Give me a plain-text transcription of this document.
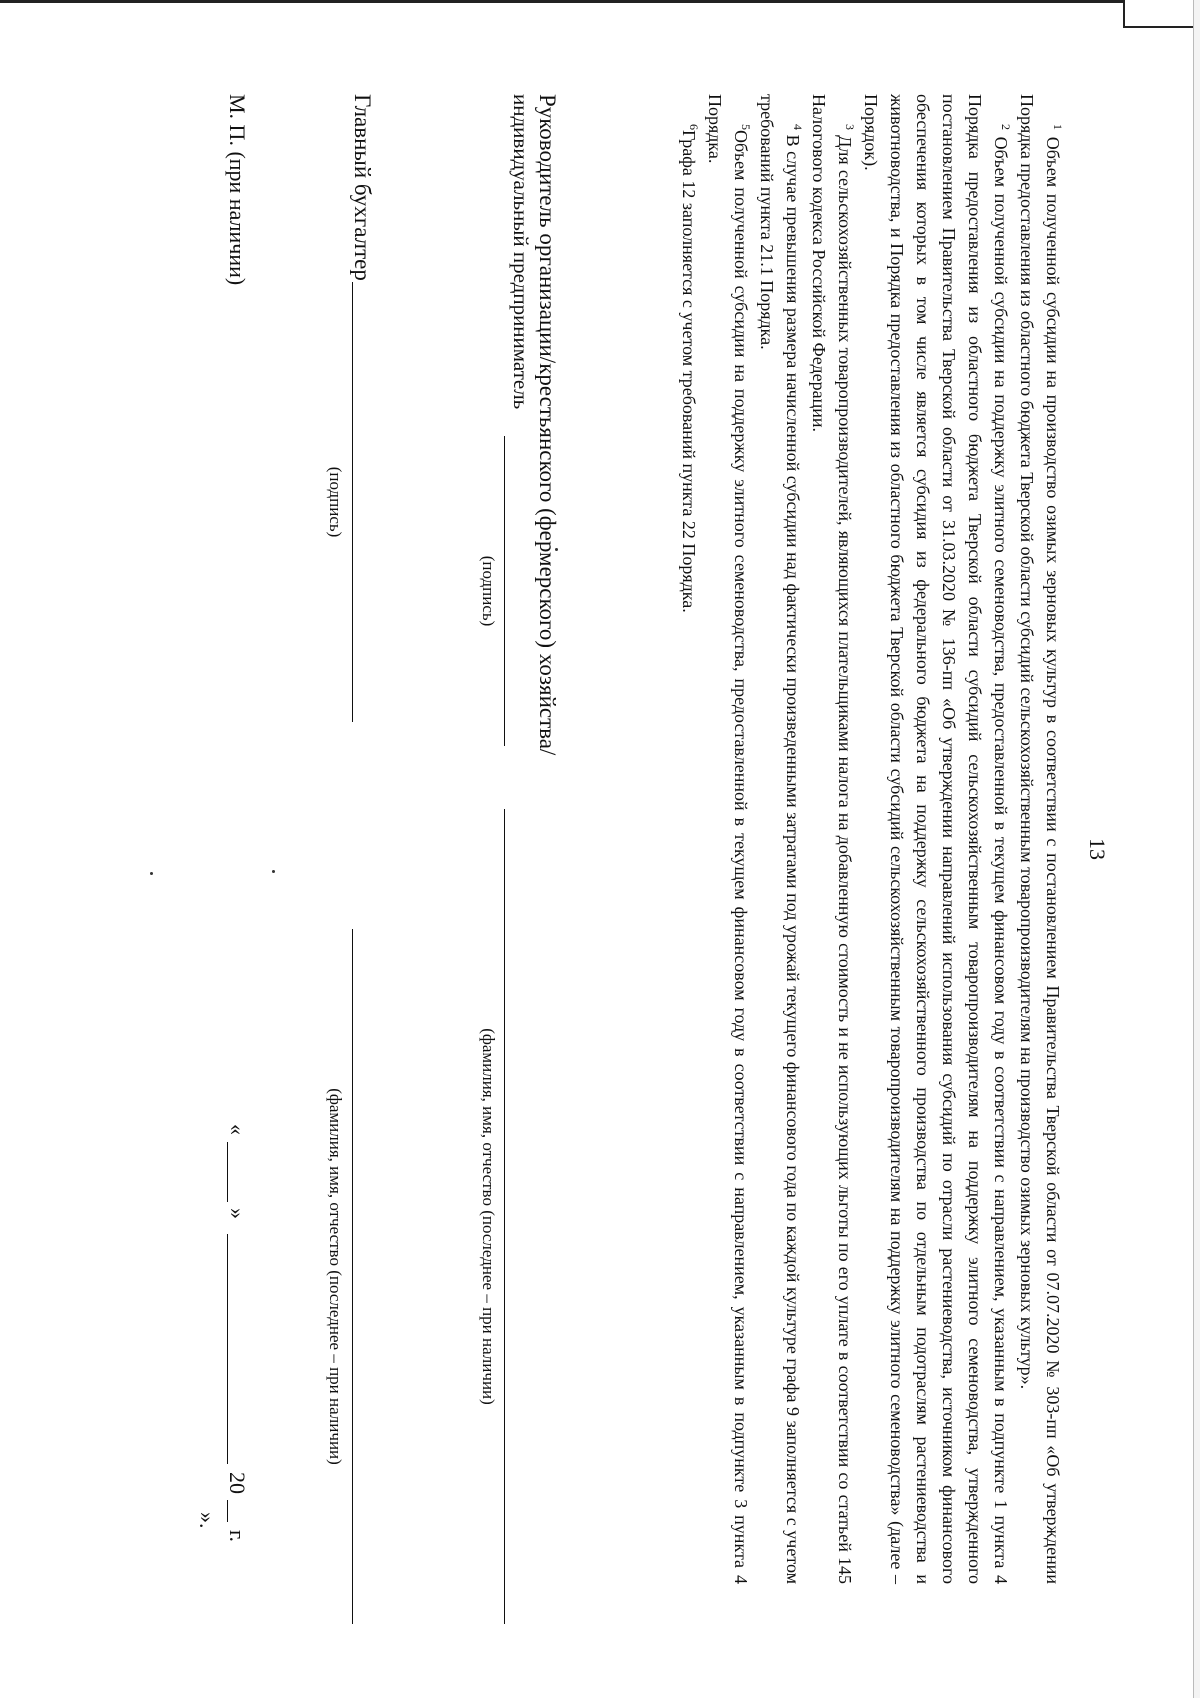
13

$^1$ Объем полученной субсидии на производство озимых зерновых культур в соответствии с постановлением Правительства Тверской области от 07.07.2020 № 303-пп «Об утверждении Порядка предоставления из областного бюджета Тверской области субсидий сельскохозяйственным товаропроизводителям на производство озимых зерновых культур».

$^2$ Объем полученной субсидии на поддержку элитного семеноводства, предоставленной в текущем финансовом году в соответствии с направлением, указанным в подпункте 1 пункта 4 Порядка предоставления из областного бюджета Тверской области субсидий сельскохозяйственным товаропроизводителям на поддержку элитного семеноводства, утвержденного постановлением Правительства Тверской области от 31.03.2020 № 136-пп «Об утверждении направлений использования субсидий по отрасли растениеводства, источником финансового обеспечения которых в том числе является субсидия из федерального бюджета на поддержку сельскохозяйственного производства по отдельным подотраслям растениеводства и животноводства, и Порядка предоставления из областного бюджета Тверской области субсидий сельскохозяйственным товаропроизводителям на поддержку элитного семеноводства» (далее – Порядок).

$^3$ Для сельскохозяйственных товаропроизводителей, являющихся плательщиками налога на добавленную стоимость и не использующих льготы по его уплате в соответствии со статьей 145 Налогового кодекса Российской Федерации.

$^4$ В случае превышения размера начисленной субсидии над фактически произведенными затратами под урожай текущего финансового года по каждой культуре графа 9 заполняется с учетом требований пункта 21.1 Порядка.

$^5$Объем полученной субсидии на поддержку элитного семеноводства, предоставленной в текущем финансовом году в соответствии с направлением, указанным в подпункте 3 пункта 4 Порядка.

$^6$Графа 12 заполняется с учетом требований пункта 22 Порядка.

Руководитель организации/крестьянского (фермерского) хозяйства/
индивидуальный предприниматель
(подпись)
(фамилия, имя, отчество (последнее – при наличии)
Главный бухгалтер
(подпись)
(фамилия, имя, отчество (последнее – при наличии)
М. П. (при наличии)
«
»
20
г.
».
